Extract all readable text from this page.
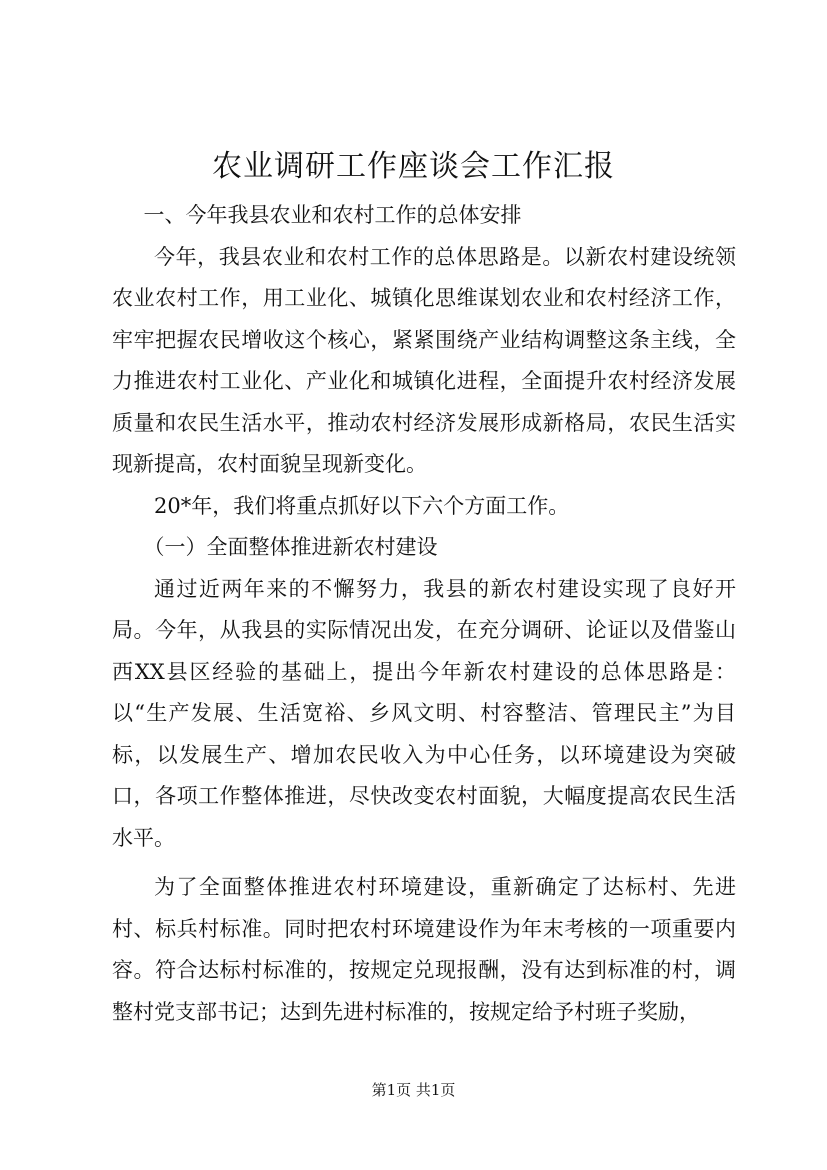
农业调研工作座谈会工作汇报

一、今年我县农业和农村工作的总体安排

今年，我县农业和农村工作的总体思路是。以新农村建设统领农业农村工作，用工业化、城镇化思维谋划农业和农村经济工作，牢牢把握农民增收这个核心，紧紧围绕产业结构调整这条主线，全力推进农村工业化、产业化和城镇化进程，全面提升农村经济发展质量和农民生活水平，推动农村经济发展形成新格局，农民生活实现新提高，农村面貌呈现新变化。

20*年，我们将重点抓好以下六个方面工作。

（一）全面整体推进新农村建设

通过近两年来的不懈努力，我县的新农村建设实现了良好开局。今年，从我县的实际情况出发，在充分调研、论证以及借鉴山西XX县区经验的基础上，提出今年新农村建设的总体思路是：以“生产发展、生活宽裕、乡风文明、村容整洁、管理民主”为目标，以发展生产、增加农民收入为中心任务，以环境建设为突破口，各项工作整体推进，尽快改变农村面貌，大幅度提高农民生活水平。

为了全面整体推进农村环境建设，重新确定了达标村、先进村、标兵村标准。同时把农村环境建设作为年末考核的一项重要内容。符合达标村标准的，按规定兑现报酬，没有达到标准的村，调整村党支部书记；达到先进村标准的，按规定给予村班子奖励，

第1页 共1页
